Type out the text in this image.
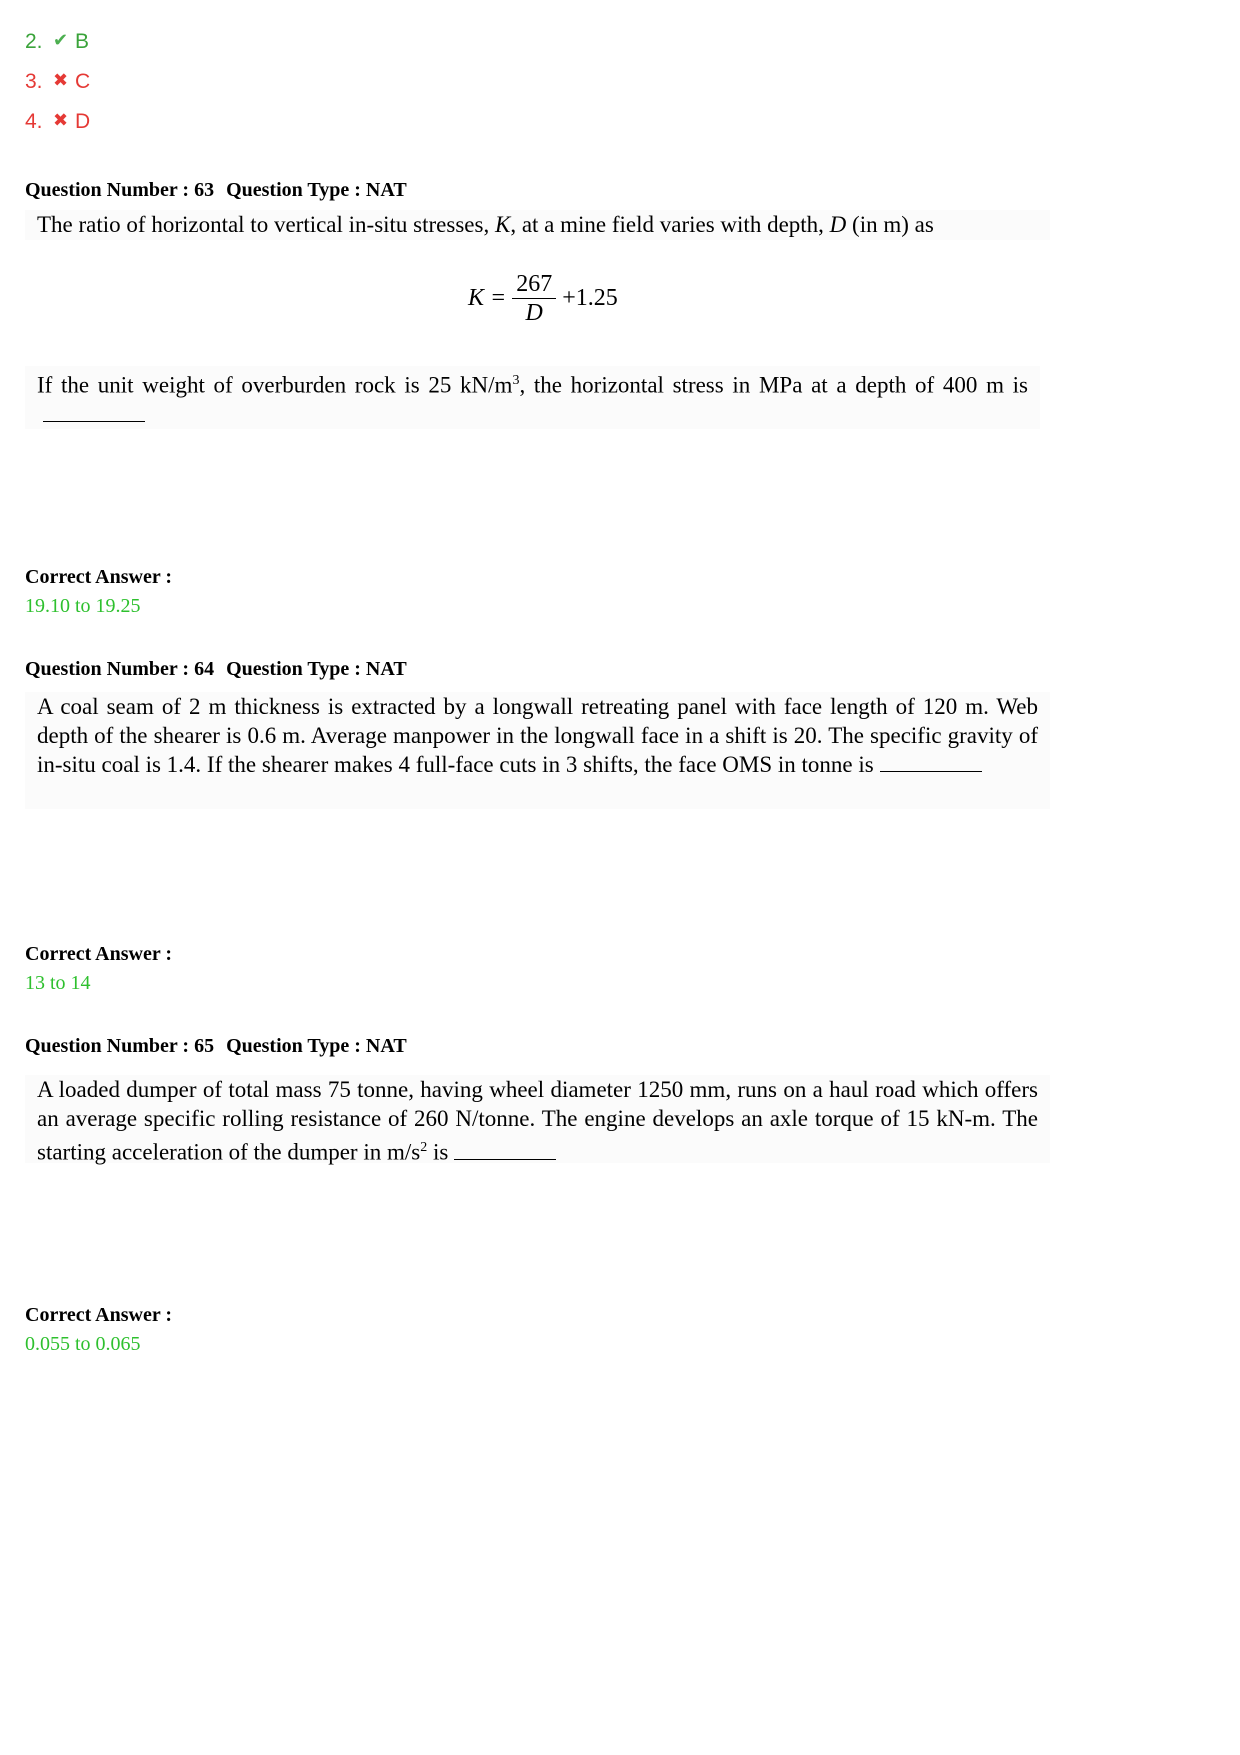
2. ✔ B
3. ✖ C
4. ✖ D
Question Number : 63 Question Type : NAT

The ratio of horizontal to vertical in-situ stresses, K, at a mine field varies with depth, D (in m) as

$K = \frac{267}{D} +1.25$

If the unit weight of overburden rock is 25 $kN/m^3$, the horizontal stress in MPa at a depth of 400 m is

Correct Answer :
19.10 to 19.25
Question Number : 64 Question Type : NAT

A coal seam of 2 m thickness is extracted by a longwall retreating panel with face length of 120 m. Web depth of the shearer is 0.6 m. Average manpower in the longwall face in a shift is 20. The specific gravity of in-situ coal is 1.4. If the shearer makes 4 full-face cuts in 3 shifts, the face OMS in tonne is

Correct Answer :
13 to 14
Question Number : 65 Question Type : NAT

A loaded dumper of total mass 75 tonne, having wheel diameter 1250 mm, runs on a haul road which offers an average specific rolling resistance of 260 N/tonne. The engine develops an axle torque of 15 kN-m. The starting acceleration of the dumper in $m/s^2$ is

Correct Answer :
0.055 to 0.065
